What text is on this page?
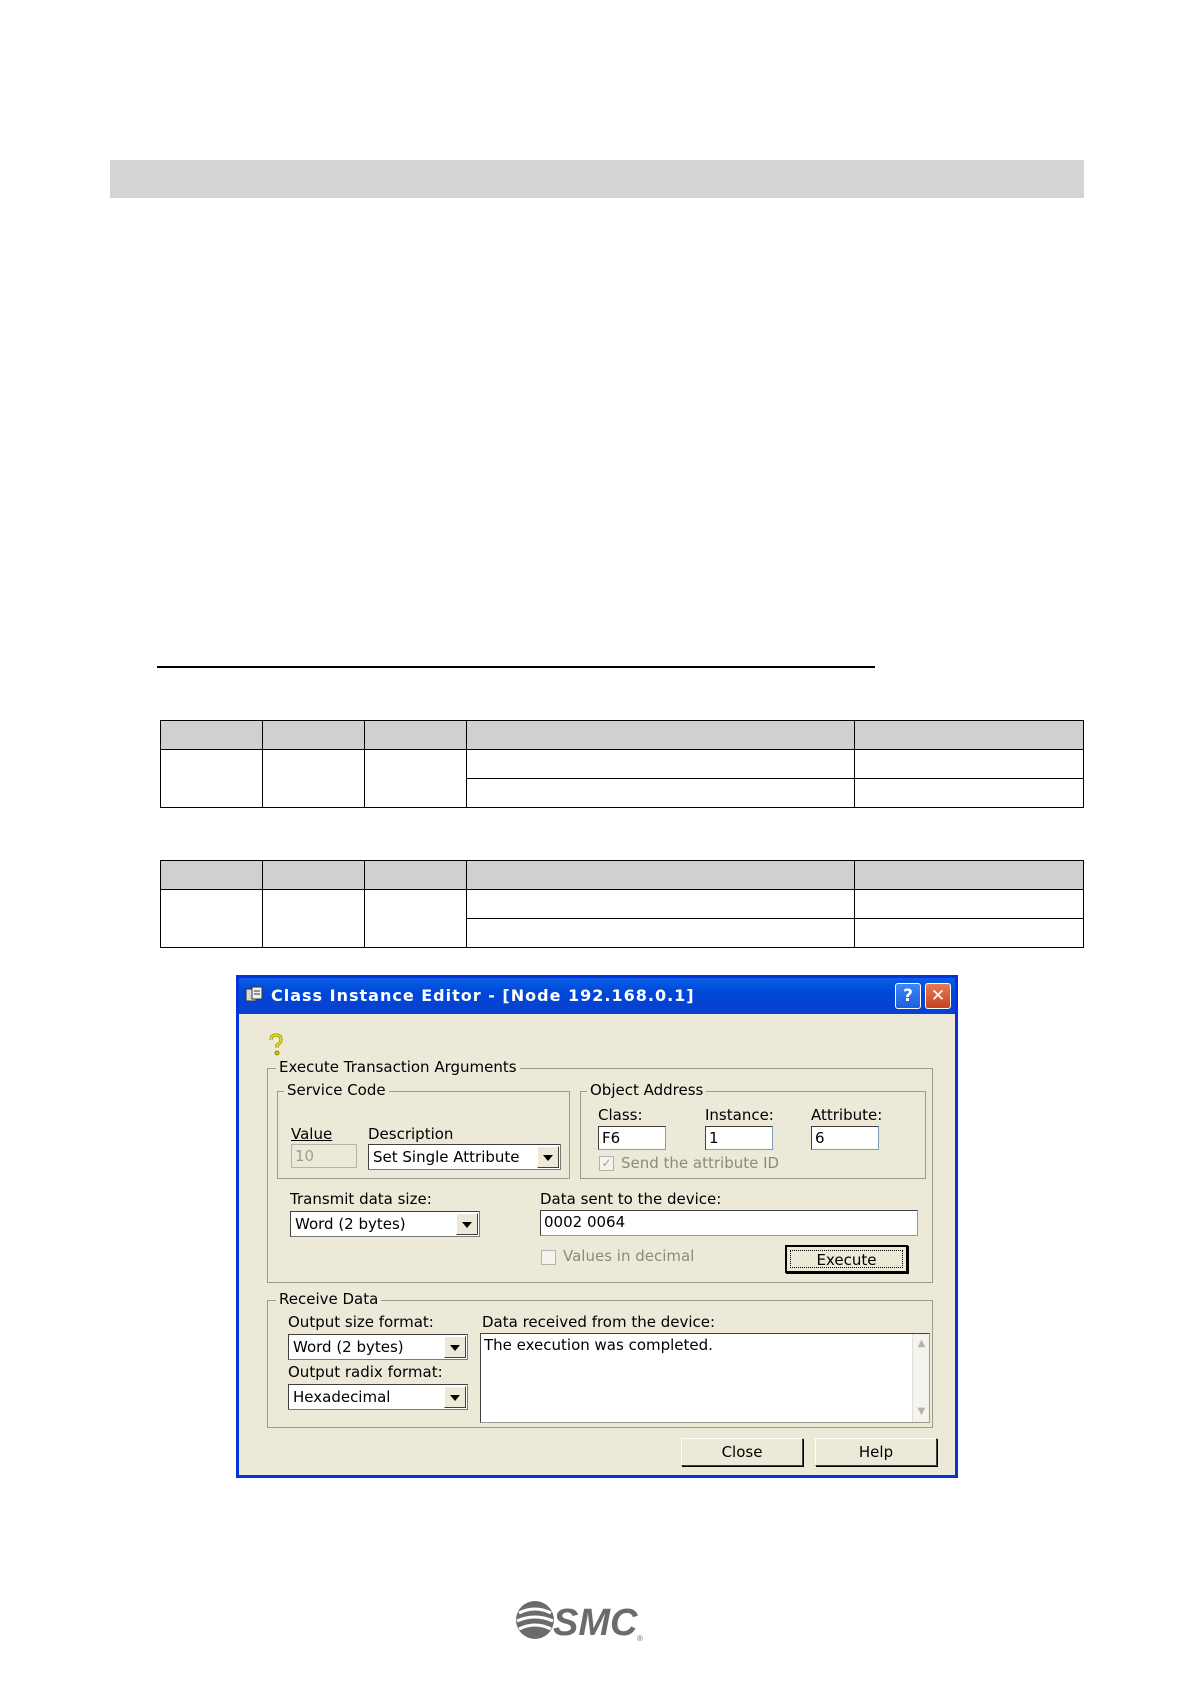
Class Instance Editor - [Node 192.168.0.1]	?	✕
Execute Transaction Arguments
Service Code
Value
10
Description
Set Single Attribute
Object Address
Class:
F6
Instance:
1
Attribute:
6
✓ Send the attribute ID
Transmit data size:
Word (2 bytes)
Data sent to the device:
0002 0064
Values in decimal	Execute
Receive Data
Output size format:
Word (2 bytes)
Output radix format:
Hexadecimal
Data received from the device:
The execution was completed.	▲
▼
Close	Help
SMC ®
